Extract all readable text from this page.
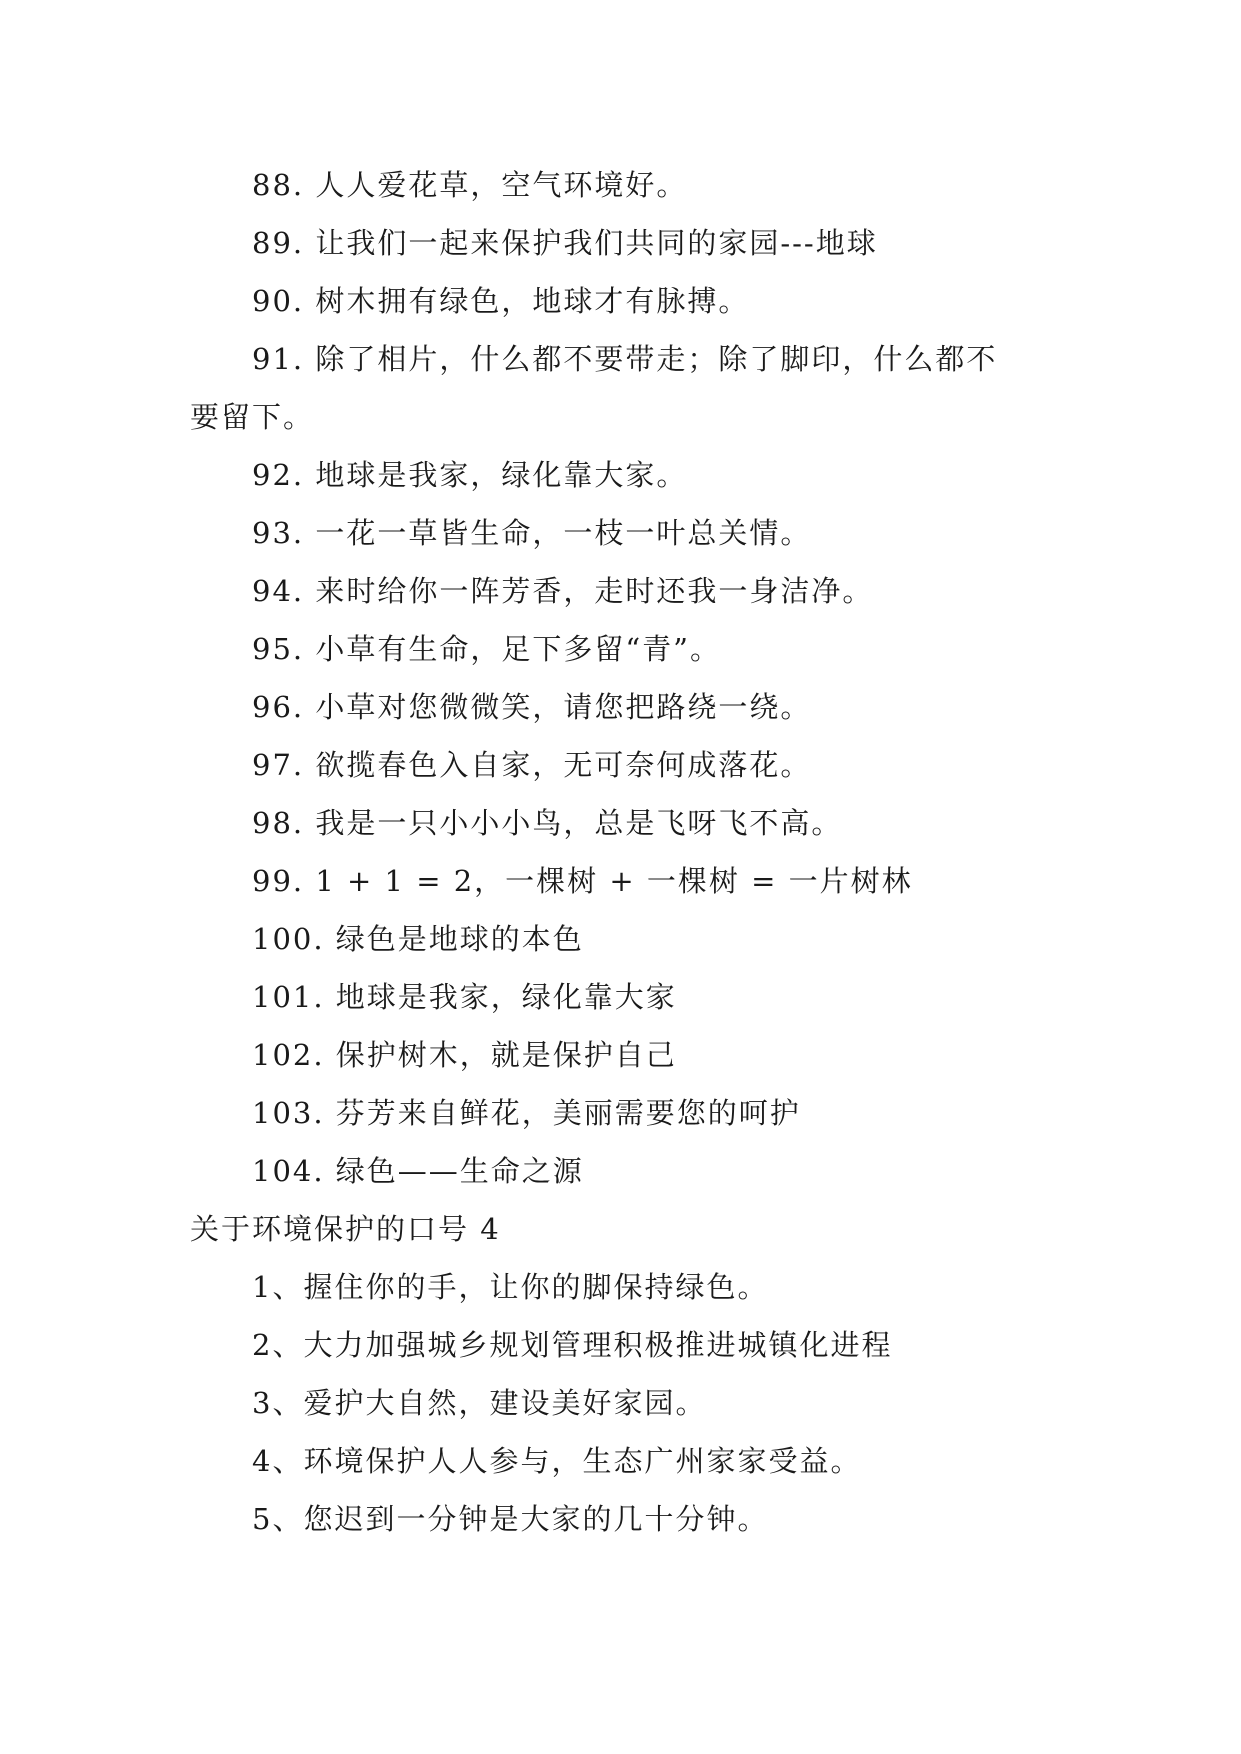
88. 人人爱花草，空气环境好。
89. 让我们一起来保护我们共同的家园---地球
90. 树木拥有绿色，地球才有脉搏。
91. 除了相片，什么都不要带走；除了脚印，什么都不
要留下。
92. 地球是我家，绿化靠大家。
93. 一花一草皆生命，一枝一叶总关情。
94. 来时给你一阵芳香，走时还我一身洁净。
95. 小草有生命，足下多留“青”。
96. 小草对您微微笑，请您把路绕一绕。
97. 欲揽春色入自家，无可奈何成落花。
98. 我是一只小小小鸟，总是飞呀飞不高。
99. 1 + 1 = 2，一棵树 + 一棵树 = 一片树林
100. 绿色是地球的本色
101. 地球是我家，绿化靠大家
102. 保护树木，就是保护自己
103. 芬芳来自鲜花，美丽需要您的呵护
104. 绿色——生命之源
关于环境保护的口号 4
1、握住你的手，让你的脚保持绿色。
2、大力加强城乡规划管理积极推进城镇化进程
3、爱护大自然，建设美好家园。
4、环境保护人人参与，生态广州家家受益。
5、您迟到一分钟是大家的几十分钟。
